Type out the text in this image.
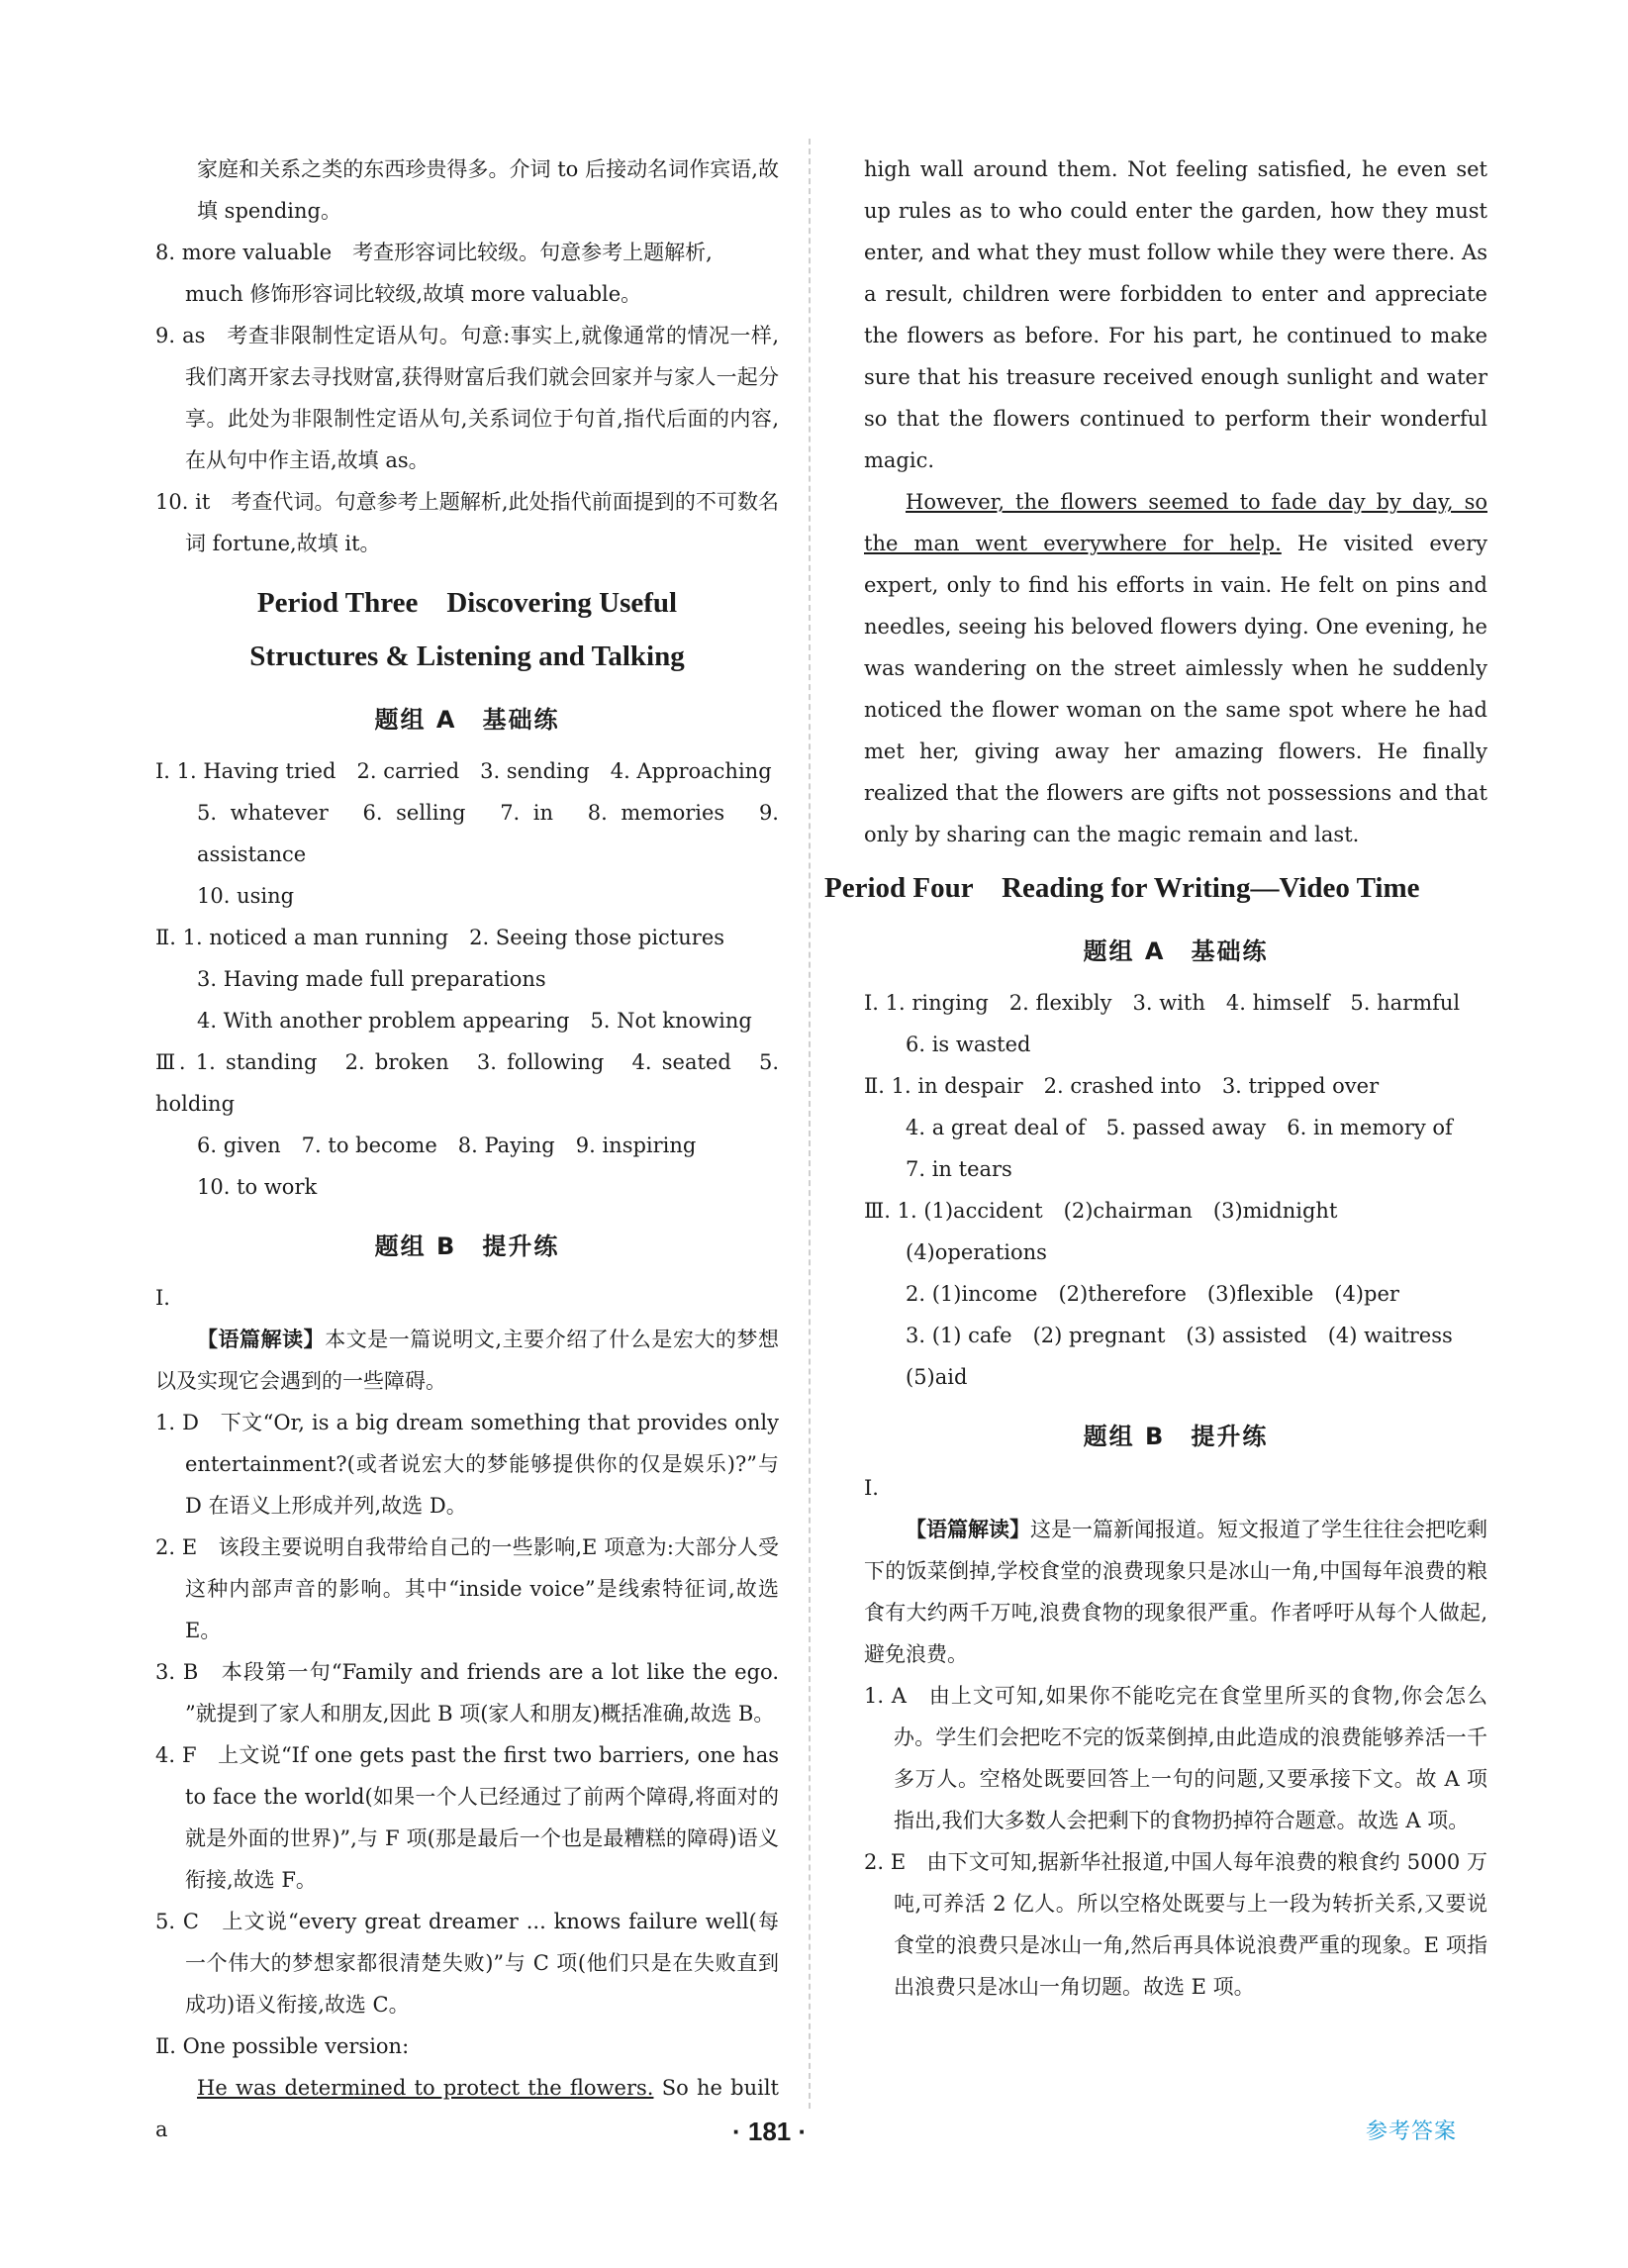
家庭和关系之类的东西珍贵得多。介词 to 后接动名词作宾语,故填 spending。

8. more valuable　考查形容词比较级。句意参考上题解析,

much 修饰形容词比较级,故填 more valuable。

9. as　考查非限制性定语从句。句意:事实上,就像通常的情况一样,我们离开家去寻找财富,获得财富后我们就会回家并与家人一起分享。此处为非限制性定语从句,关系词位于句首,指代后面的内容,在从句中作主语,故填 as。

10. it　考查代词。句意参考上题解析,此处指代前面提到的不可数名词 fortune,故填 it。

Period Three　Discovering Useful
Structures & Listening and Talking
题组 A　基础练

Ⅰ. 1. Having tried　2. carried　3. sending　4. Approaching

5. whatever　6. selling　7. in　8. memories　9. assistance

10. using

Ⅱ. 1. noticed a man running　2. Seeing those pictures

3. Having made full preparations

4. With another problem appearing　5. Not knowing

Ⅲ. 1. standing　2. broken　3. following　4. seated　5. holding

6. given　7. to become　8. Paying　9. inspiring

10. to work

题组 B　提升练

Ⅰ.

【语篇解读】本文是一篇说明文,主要介绍了什么是宏大的梦想以及实现它会遇到的一些障碍。

1. D　下文“Or, is a big dream something that provides only entertainment?(或者说宏大的梦能够提供你的仅是娱乐)?”与 D 在语义上形成并列,故选 D。

2. E　该段主要说明自我带给自己的一些影响,E 项意为:大部分人受这种内部声音的影响。其中“inside voice”是线索特征词,故选 E。

3. B　本段第一句“Family and friends are a lot like the ego. ”就提到了家人和朋友,因此 B 项(家人和朋友)概括准确,故选 B。

4. F　上文说“If one gets past the first two barriers, one has to face the world(如果一个人已经通过了前两个障碍,将面对的就是外面的世界)”,与 F 项(那是最后一个也是最糟糕的障碍)语义衔接,故选 F。

5. C　上文说“every great dreamer ... knows failure well(每一个伟大的梦想家都很清楚失败)”与 C 项(他们只是在失败直到成功)语义衔接,故选 C。

Ⅱ. One possible version:

He was determined to protect the flowers. So he built a

high wall around them. Not feeling satisfied, he even set up rules as to who could enter the garden, how they must enter, and what they must follow while they were there. As a result, children were forbidden to enter and appreciate the flowers as before. For his part, he continued to make sure that his treasure received enough sunlight and water so that the flowers continued to perform their wonderful magic.

However, the flowers seemed to fade day by day, so the man went everywhere for help. He visited every expert, only to find his efforts in vain. He felt on pins and needles, seeing his beloved flowers dying. One evening, he was wandering on the street aimlessly when he suddenly noticed the flower woman on the same spot where he had met her, giving away her amazing flowers. He finally realized that the flowers are gifts not possessions and that only by sharing can the magic remain and last.

Period Four　Reading for Writing—Video Time
题组 A　基础练

Ⅰ. 1. ringing　2. flexibly　3. with　4. himself　5. harmful

6. is wasted

Ⅱ. 1. in despair　2. crashed into　3. tripped over

4. a great deal of　5. passed away　6. in memory of

7. in tears

Ⅲ. 1. (1)accident　(2)chairman　(3)midnight

(4)operations

2. (1)income　(2)therefore　(3)flexible　(4)per

3. (1) cafe　(2) pregnant　(3) assisted　(4) waitress

(5)aid

题组 B　提升练

Ⅰ.

【语篇解读】这是一篇新闻报道。短文报道了学生往往会把吃剩下的饭菜倒掉,学校食堂的浪费现象只是冰山一角,中国每年浪费的粮食有大约两千万吨,浪费食物的现象很严重。作者呼吁从每个人做起,避免浪费。

1. A　由上文可知,如果你不能吃完在食堂里所买的食物,你会怎么办。学生们会把吃不完的饭菜倒掉,由此造成的浪费能够养活一千多万人。空格处既要回答上一句的问题,又要承接下文。故 A 项指出,我们大多数人会把剩下的食物扔掉符合题意。故选 A 项。

2. E　由下文可知,据新华社报道,中国人每年浪费的粮食约 5000 万吨,可养活 2 亿人。所以空格处既要与上一段为转折关系,又要说食堂的浪费只是冰山一角,然后再具体说浪费严重的现象。E 项指出浪费只是冰山一角切题。故选 E 项。

· 181 ·	参考答案
